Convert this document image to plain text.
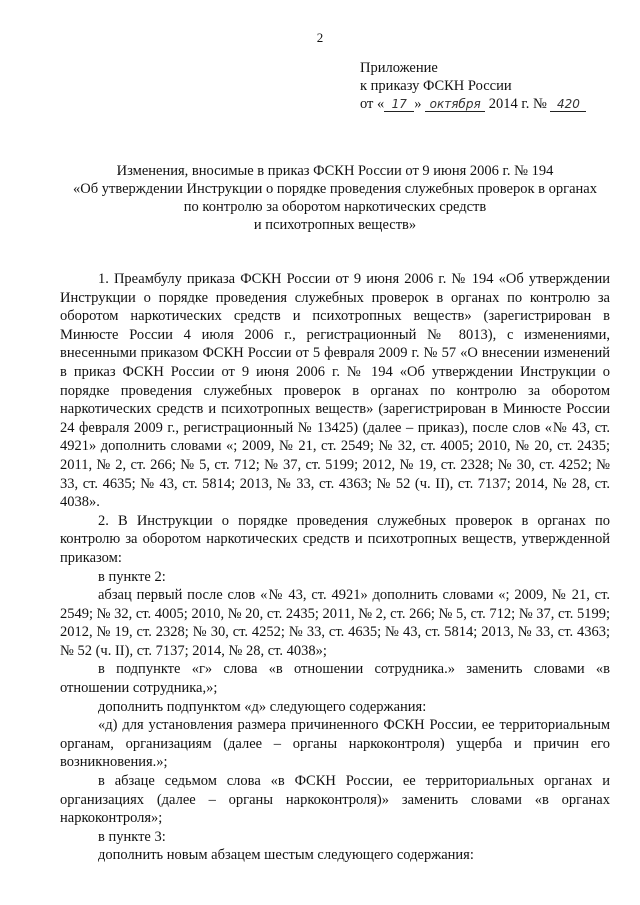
2
Приложение
к приказу ФСКН России
от « 17 » октября 2014 г. № 420
Изменения, вносимые в приказ ФСКН России от 9 июня 2006 г. № 194
«Об утверждении Инструкции о порядке проведения служебных проверок в органах
по контролю за оборотом наркотических средств
и психотропных веществ»

1. Преамбулу приказа ФСКН России от 9 июня 2006 г. № 194 «Об утверждении Инструкции о порядке проведения служебных проверок в органах по контролю за оборотом наркотических средств и психотропных веществ» (зарегистрирован в Минюсте России 4 июля 2006 г., регистрационный № 8013), с изменениями, внесенными приказом ФСКН России от 5 февраля 2009 г. № 57 «О внесении изменений в приказ ФСКН России от 9 июня 2006 г. № 194 «Об утверждении Инструкции о порядке проведения служебных проверок в органах по контролю за оборотом наркотических средств и психотропных веществ» (зарегистрирован в Минюсте России 24 февраля 2009 г., регистрационный № 13425) (далее – приказ), после слов «№ 43, ст. 4921» дополнить словами «; 2009, № 21, ст. 2549; № 32, ст. 4005; 2010, № 20, ст. 2435; 2011, № 2, ст. 266; № 5, ст. 712; № 37, ст. 5199; 2012, № 19, ст. 2328; № 30, ст. 4252; № 33, ст. 4635; № 43, ст. 5814; 2013, № 33, ст. 4363; № 52 (ч. II), ст. 7137; 2014, № 28, ст. 4038».

2. В Инструкции о порядке проведения служебных проверок в органах по контролю за оборотом наркотических средств и психотропных веществ, утвержденной приказом:

в пункте 2:

абзац первый после слов «№ 43, ст. 4921» дополнить словами «; 2009, № 21, ст. 2549; № 32, ст. 4005; 2010, № 20, ст. 2435; 2011, № 2, ст. 266; № 5, ст. 712; № 37, ст. 5199; 2012, № 19, ст. 2328; № 30, ст. 4252; № 33, ст. 4635; № 43, ст. 5814; 2013, № 33, ст. 4363; № 52 (ч. II), ст. 7137; 2014, № 28, ст. 4038»;

в подпункте «г» слова «в отношении сотрудника.» заменить словами «в отношении сотрудника,»;

дополнить подпунктом «д» следующего содержания:

«д) для установления размера причиненного ФСКН России, ее территориальным органам, организациям (далее – органы наркоконтроля) ущерба и причин его возникновения.»;

в абзаце седьмом слова «в ФСКН России, ее территориальных органах и организациях (далее – органы наркоконтроля)» заменить словами «в органах наркоконтроля»;

в пункте 3:

дополнить новым абзацем шестым следующего содержания:
